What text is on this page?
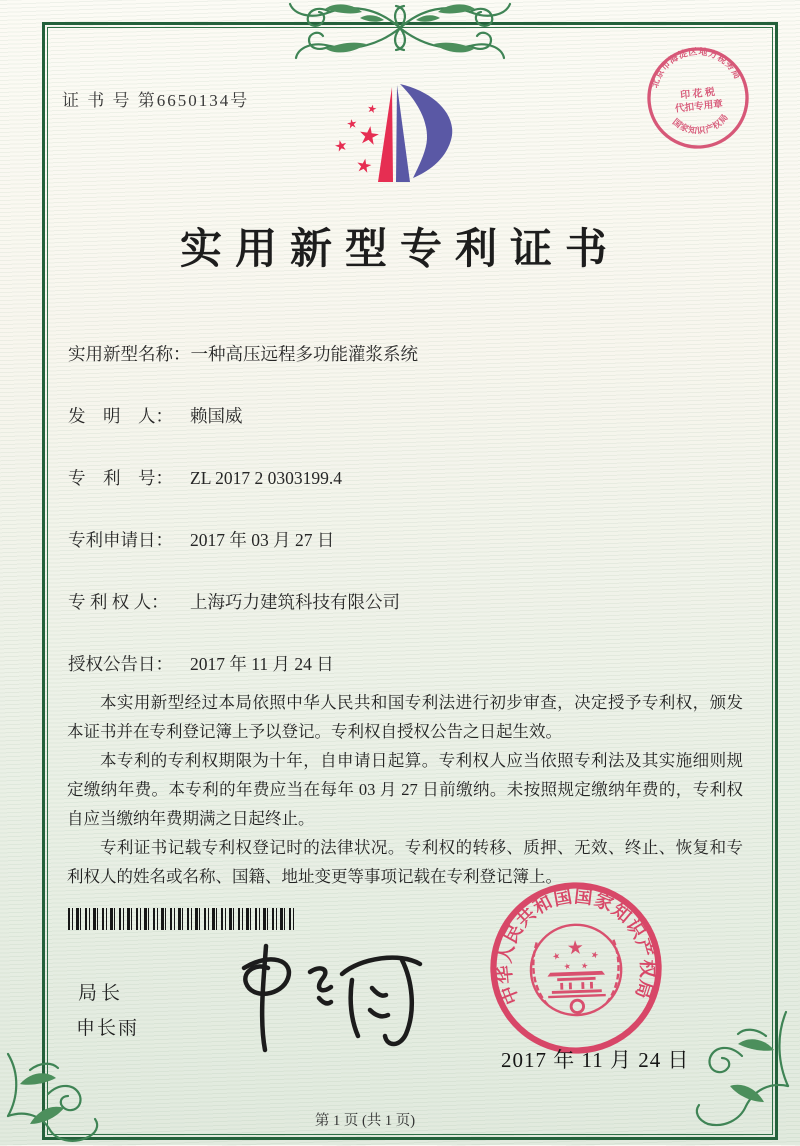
证 书 号 第6650134号
北京市海淀区地方税务局
国家知识产权局
印 花 税
代扣专用章
实用新型专利证书
实用新型名称：一种高压远程多功能灌浆系统
发　明　人： 赖国威
专　利　号： ZL 2017 2 0303199.4
专利申请日： 2017 年 03 月 27 日
专 利 权 人： 上海巧力建筑科技有限公司
授权公告日： 2017 年 11 月 24 日

本实用新型经过本局依照中华人民共和国专利法进行初步审查，决定授予专利权，颁发本证书并在专利登记簿上予以登记。专利权自授权公告之日起生效。

本专利的专利权期限为十年，自申请日起算。专利权人应当依照专利法及其实施细则规定缴纳年费。本专利的年费应当在每年 03 月 27 日前缴纳。未按照规定缴纳年费的，专利权自应当缴纳年费期满之日起终止。

专利证书记载专利权登记时的法律状况。专利权的转移、质押、无效、终止、恢复和专利权人的姓名或名称、国籍、地址变更等事项记载在专利登记簿上。

局长
申长雨
中华人民共和国国家知识产权局
2017 年 11 月 24 日
第 1 页 (共 1 页)
